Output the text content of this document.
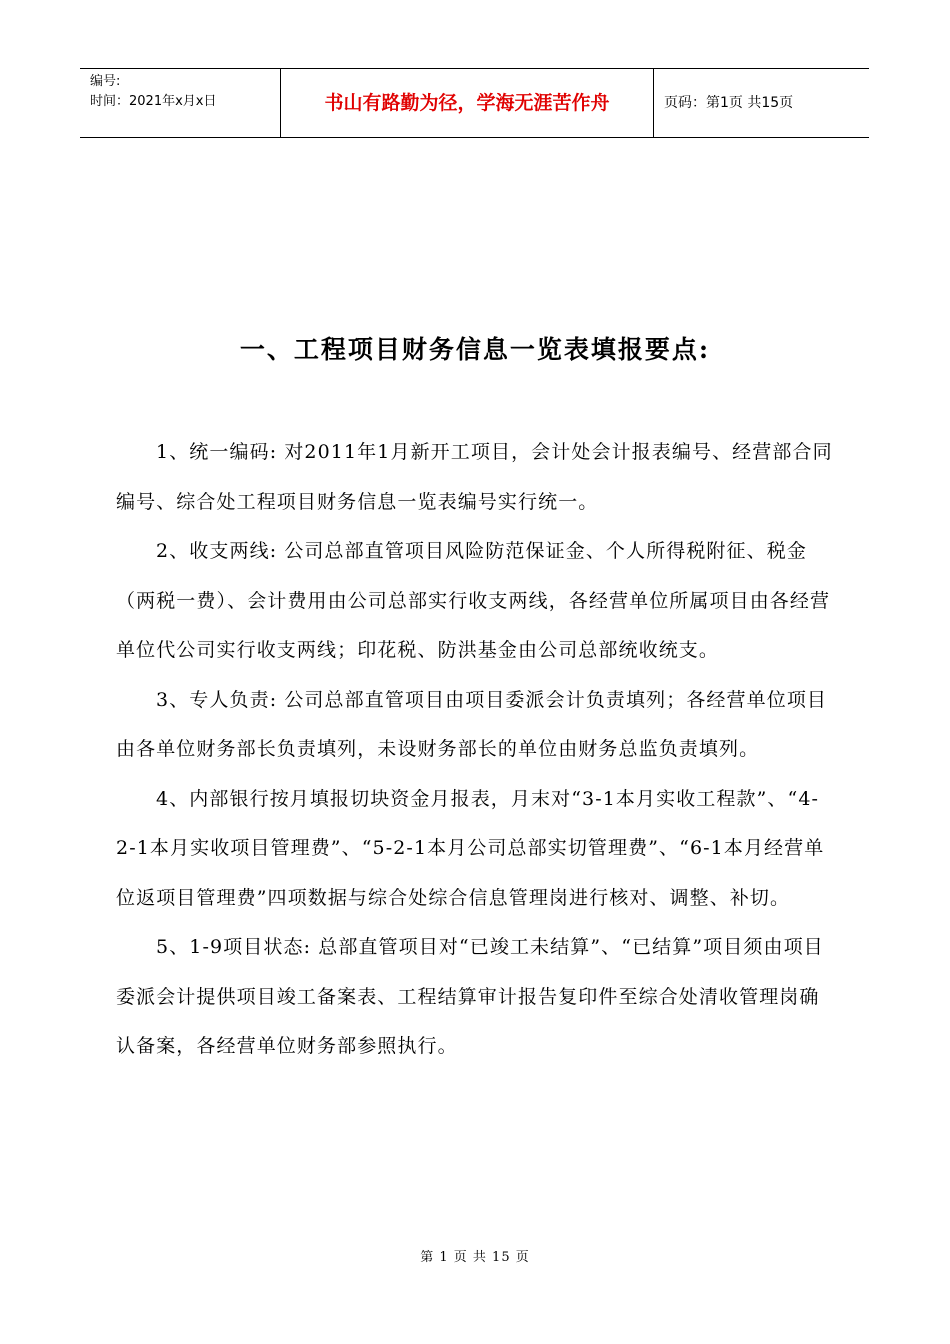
编号:
时间：2021年x月x日	书山有路勤为径，学海无涯苦作舟	页码：第1页 共15页
一、工程项目财务信息一览表填报要点:

1、统一编码: 对2011年1月新开工项目，会计处会计报表编号、经营部合同编号、综合处工程项目财务信息一览表编号实行统一。

2、收支两线: 公司总部直管项目风险防范保证金、个人所得税附征、税金（两税一费）、会计费用由公司总部实行收支两线，各经营单位所属项目由各经营单位代公司实行收支两线；印花税、防洪基金由公司总部统收统支。

3、专人负责: 公司总部直管项目由项目委派会计负责填列；各经营单位项目由各单位财务部长负责填列，未设财务部长的单位由财务总监负责填列。

4、内部银行按月填报切块资金月报表，月末对“3-1本月实收工程款”、“4-2-1本月实收项目管理费”、“5-2-1本月公司总部实切管理费”、“6-1本月经营单位返项目管理费”四项数据与综合处综合信息管理岗进行核对、调整、补切。

5、1-9项目状态: 总部直管项目对“已竣工未结算”、“已结算”项目须由项目委派会计提供项目竣工备案表、工程结算审计报告复印件至综合处清收管理岗确认备案，各经营单位财务部参照执行。

第 1 页 共 15 页
